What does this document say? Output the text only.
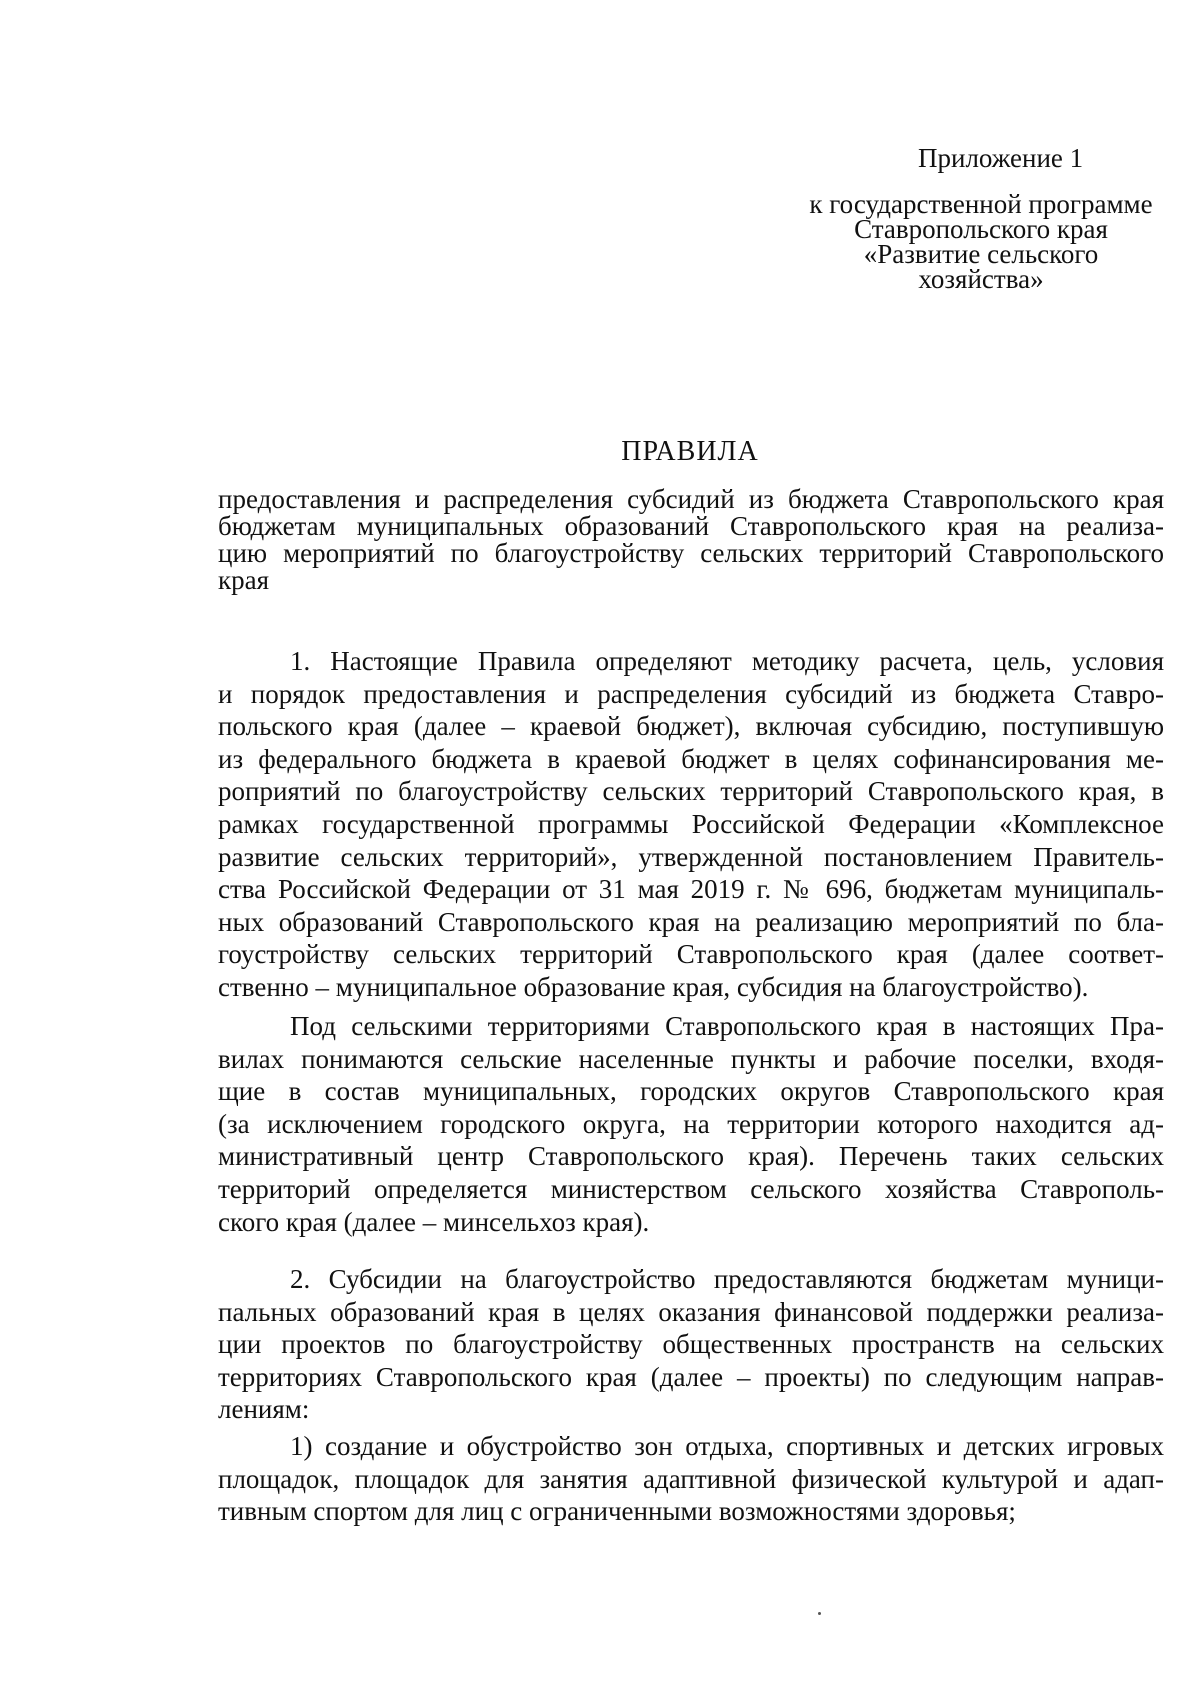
Приложение 1
к государственной программе
Ставропольского края
«Развитие сельского
хозяйства»
ПРАВИЛА
предоставления и распределения субсидий из бюджета Ставропольского края
бюджетам муниципальных образований Ставропольского края на реализа-
цию мероприятий по благоустройству сельских территорий Ставропольского
края
1. Настоящие Правила определяют методику расчета, цель, условия
и порядок предоставления и распределения субсидий из бюджета Ставро-
польского края (далее – краевой бюджет), включая субсидию, поступившую
из федерального бюджета в краевой бюджет в целях софинансирования ме-
роприятий по благоустройству сельских территорий Ставропольского края, в
рамках государственной программы Российской Федерации «Комплексное
развитие сельских территорий», утвержденной постановлением Правитель-
ства Российской Федерации от 31 мая 2019 г. № 696, бюджетам муниципаль-
ных образований Ставропольского края на реализацию мероприятий по бла-
гоустройству сельских территорий Ставропольского края (далее соответ-
ственно – муниципальное образование края, субсидия на благоустройство).
Под сельскими территориями Ставропольского края в настоящих Пра-
вилах понимаются сельские населенные пункты и рабочие поселки, входя-
щие в состав муниципальных, городских округов Ставропольского края
(за исключением городского округа, на территории которого находится ад-
министративный центр Ставропольского края). Перечень таких сельских
территорий определяется министерством сельского хозяйства Ставрополь-
ского края (далее – минсельхоз края).
2. Субсидии на благоустройство предоставляются бюджетам муници-
пальных образований края в целях оказания финансовой поддержки реализа-
ции проектов по благоустройству общественных пространств на сельских
территориях Ставропольского края (далее – проекты) по следующим направ-
лениям:
1) создание и обустройство зон отдыха, спортивных и детских игровых
площадок, площадок для занятия адаптивной физической культурой и адап-
тивным спортом для лиц с ограниченными возможностями здоровья;
